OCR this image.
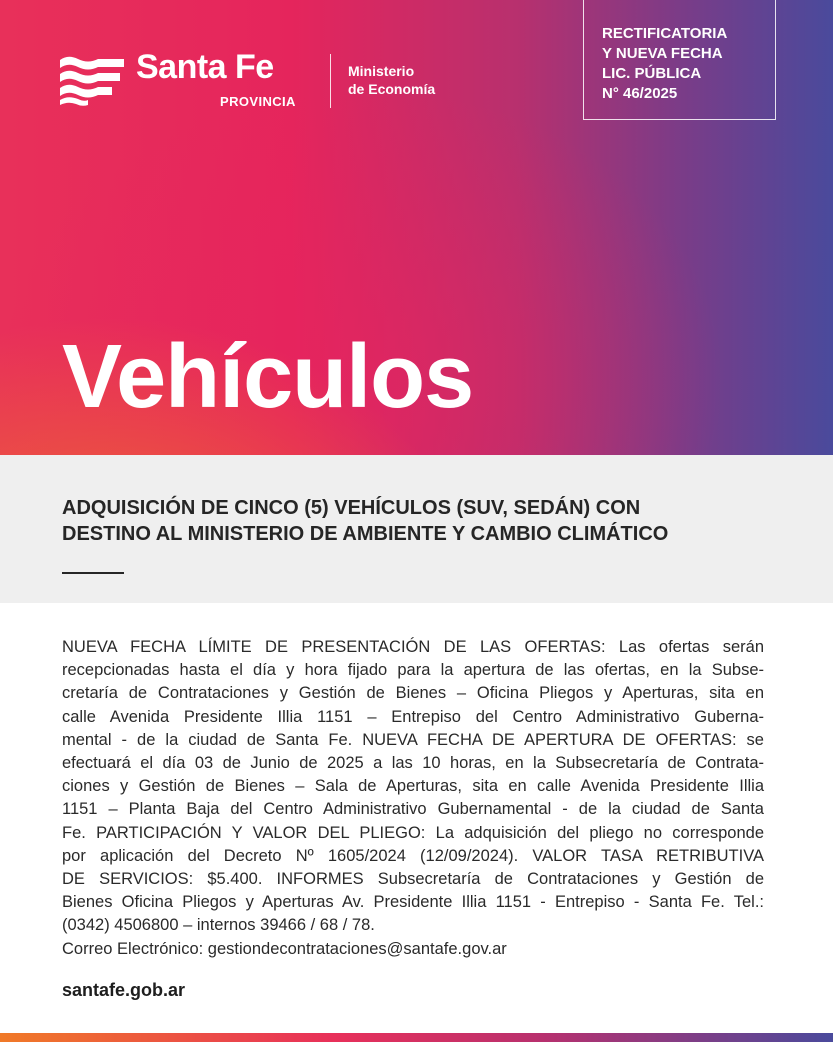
Santa Fe
PROVINCIA
Ministerio
de Economía
RECTIFICATORIA
Y NUEVA FECHA
LIC. PÚBLICA
N° 46/2025
Vehículos
ADQUISICIÓN DE CINCO (5) VEHÍCULOS (SUV, SEDÁN) CON
DESTINO AL MINISTERIO DE AMBIENTE Y CAMBIO CLIMÁTICO
NUEVA FECHA LÍMITE DE PRESENTACIÓN DE LAS OFERTAS: Las ofertas serán
recepcionadas hasta el día y hora fijado para la apertura de las ofertas, en la Subse-
cretaría de Contrataciones y Gestión de Bienes – Oficina Pliegos y Aperturas, sita en
calle Avenida Presidente Illia 1151 – Entrepiso del Centro Administrativo Guberna-
mental - de la ciudad de Santa Fe. NUEVA FECHA DE APERTURA DE OFERTAS: se
efectuará el día 03 de Junio de 2025 a las 10 horas, en la Subsecretaría de Contrata-
ciones y Gestión de Bienes – Sala de Aperturas, sita en calle Avenida Presidente Illia
1151 – Planta Baja del Centro Administrativo Gubernamental - de la ciudad de Santa
Fe. PARTICIPACIÓN Y VALOR DEL PLIEGO: La adquisición del pliego no corresponde
por aplicación del Decreto Nº 1605/2024 (12/09/2024). VALOR TASA RETRIBUTIVA
DE SERVICIOS: $5.400. INFORMES Subsecretaría de Contrataciones y Gestión de
Bienes Oficina Pliegos y Aperturas Av. Presidente Illia 1151 - Entrepiso - Santa Fe. Tel.:
(0342) 4506800 – internos 39466 / 68 / 78.
Correo Electrónico: gestiondecontrataciones@santafe.gov.ar
santafe.gob.ar
